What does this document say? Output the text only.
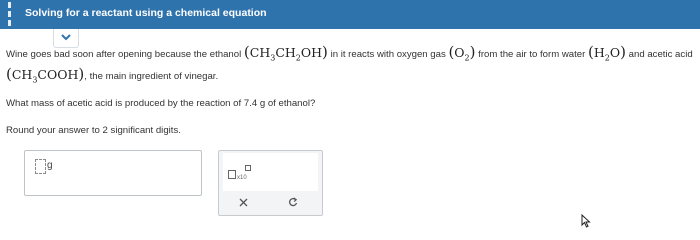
Solving for a reactant using a chemical equation
Wine goes bad soon after opening because the ethanol $(CH_3CH_2OH)$ in it reacts with oxygen gas $(O_2)$ from the air to form water $(H_2O)$ and acetic acid
$(CH_3COOH)$, the main ingredient of vinegar.
What mass of acetic acid is produced by the reaction of 7.4 g of ethanol?
Round your answer to 2 significant digits.
g
x10
